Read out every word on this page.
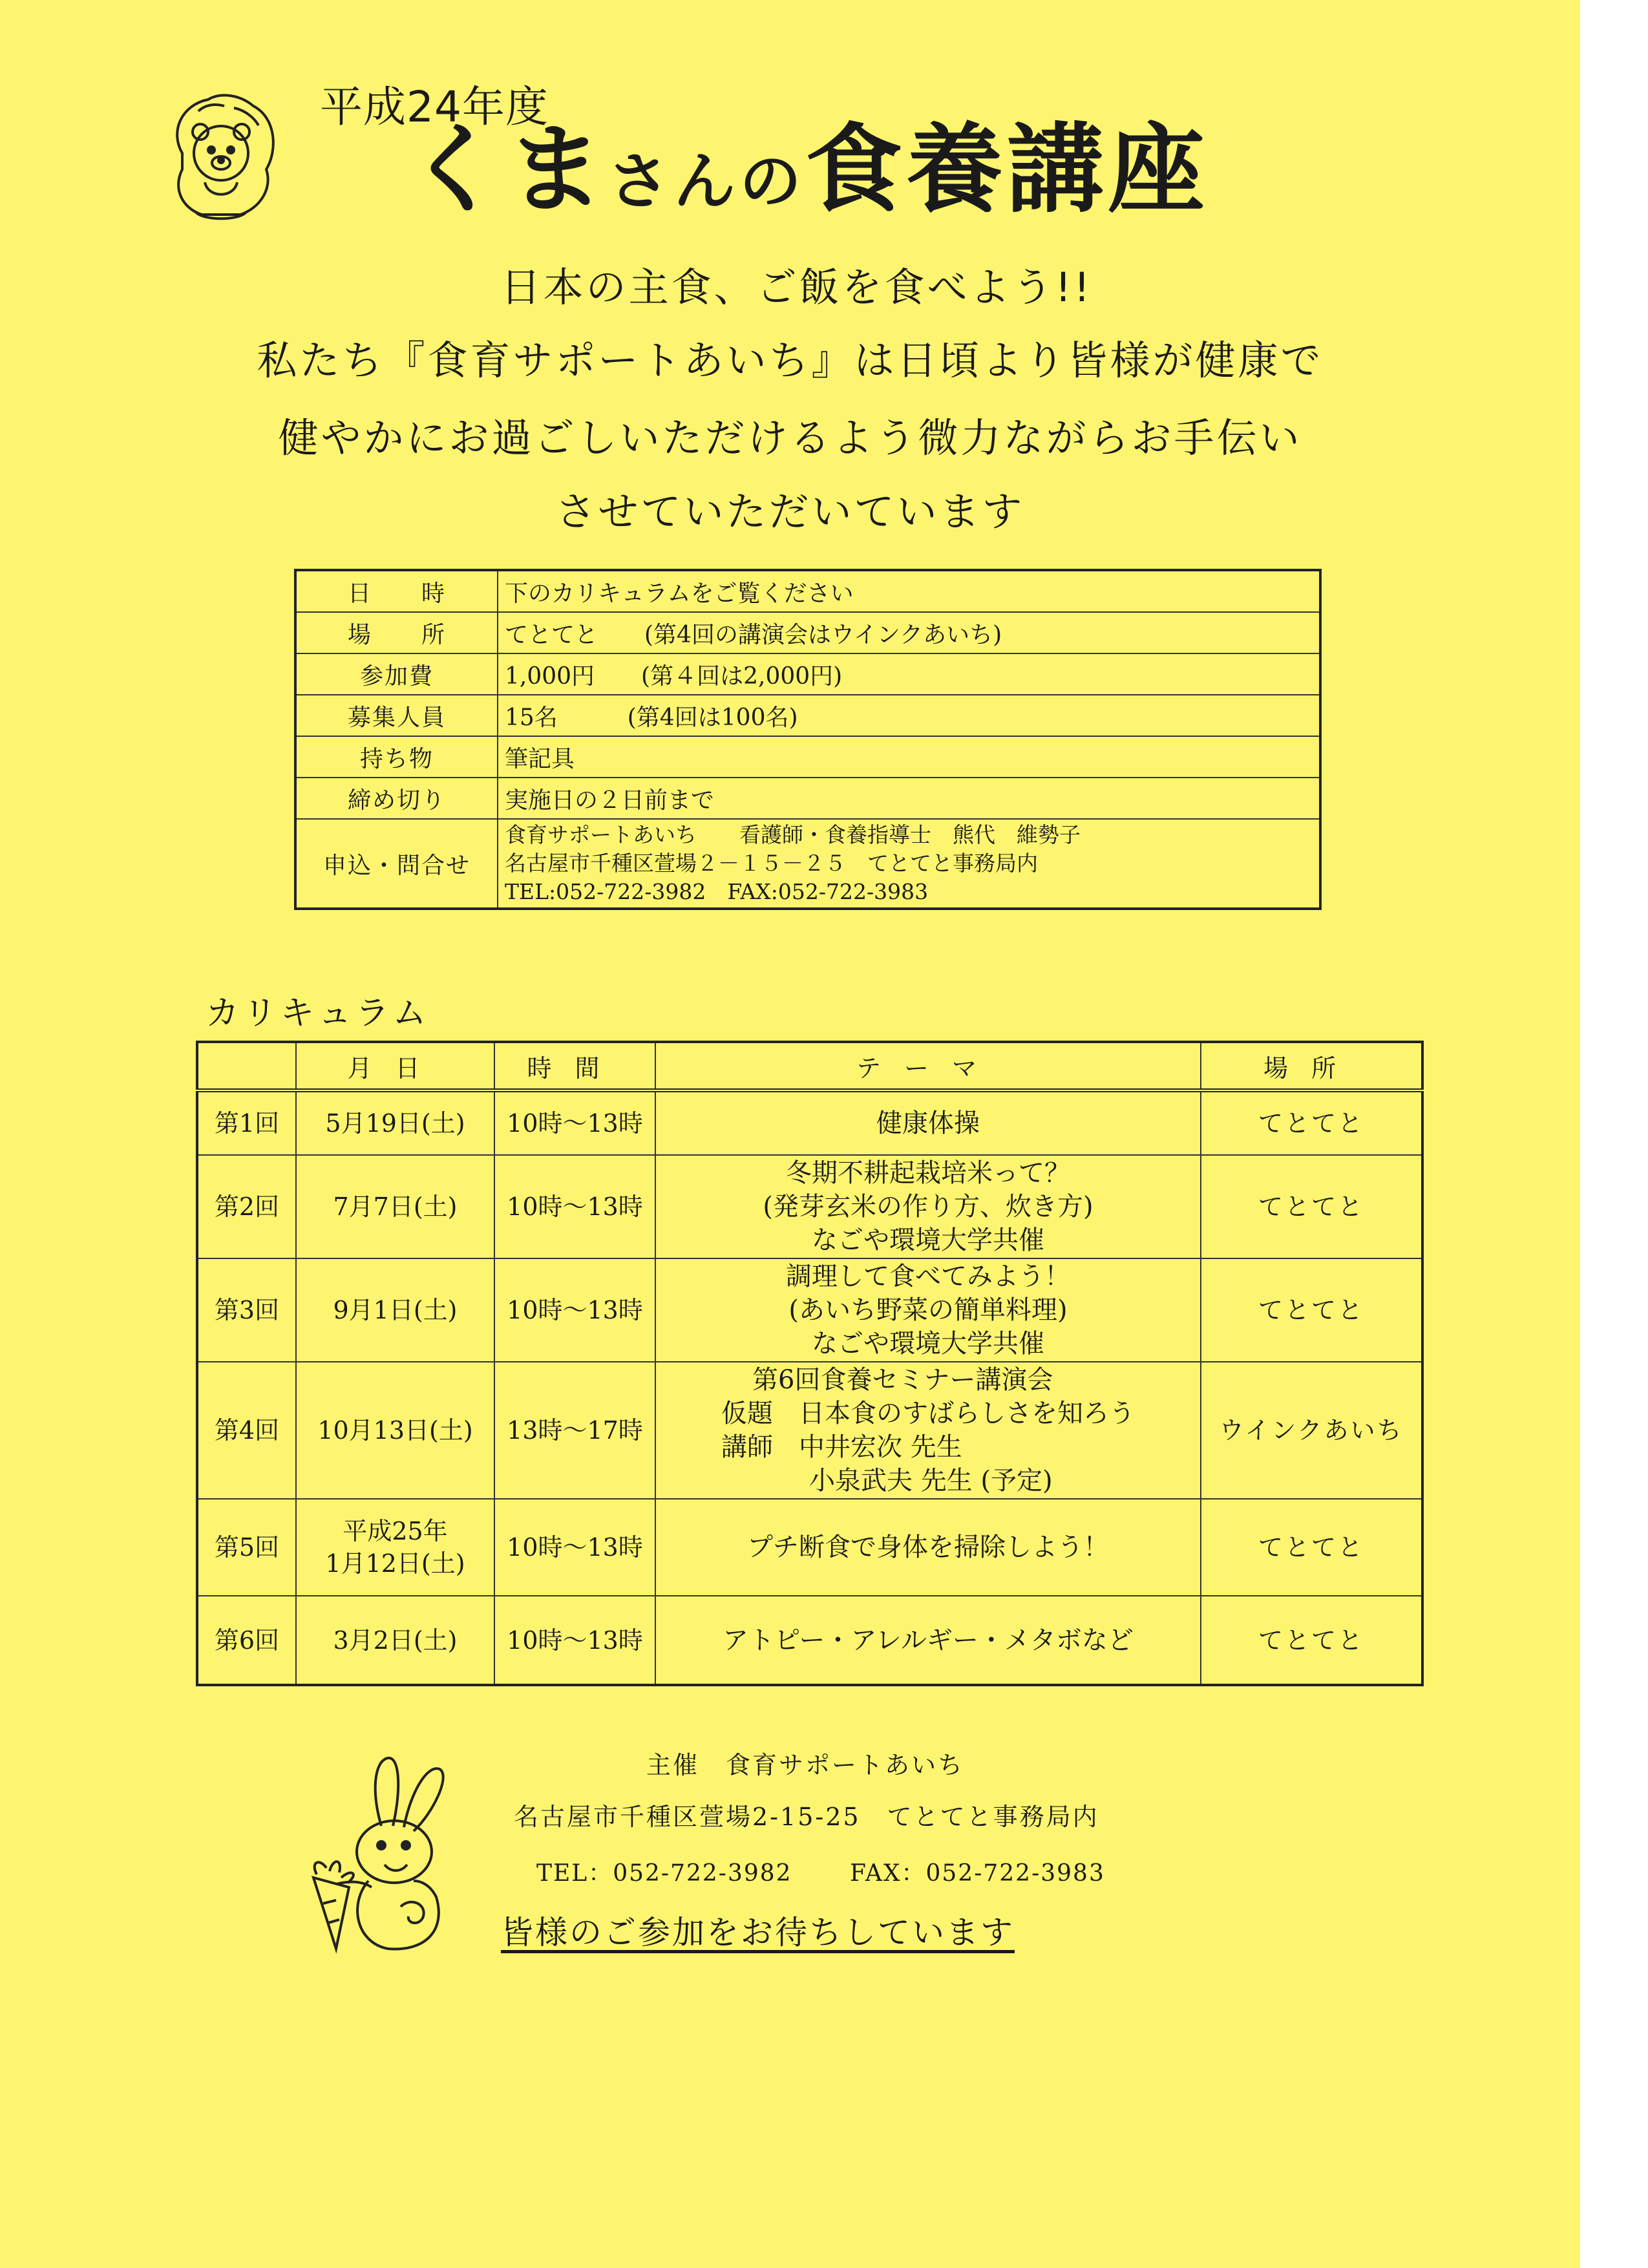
平成24年度
くまさんの食養講座
日本の主食、ご飯を食べよう!!
私たち『食育サポートあいち』は日頃より皆様が健康で
健やかにお過ごしいただけるよう微力ながらお手伝い
させていただいています
日　　時	下のカリキュラムをご覧ください
場　　所	てとてと　　(第4回の講演会はウインクあいち)
参加費	1,000円　　(第４回は2,000円)
募集人員	15名　　　(第4回は100名)
持ち物	筆記具
締め切り	実施日の２日前まで
申込・問合せ	食育サポートあいち　　看護師・食養指導士　熊代　維勢子
名古屋市千種区萱場２－１５－２５　てとてと事務局内
TEL:052-722-3982　FAX:052-722-3983
カリキュラム
	月日	時間	テーマ	場所
第1回	5月19日(土)	10時～13時	健康体操	てとてと
第2回	7月7日(土)	10時～13時	冬期不耕起栽培米って？
(発芽玄米の作り方、炊き方)
なごや環境大学共催	てとてと
第3回	9月1日(土)	10時～13時	調理して食べてみよう！
(あいち野菜の簡単料理)
なごや環境大学共催	てとてと
第4回	10月13日(土)	13時～17時	第6回食養セミナー講演会
仮題　日本食のすばらしさを知ろう
講師　中井宏次 先生
小泉武夫 先生 (予定)	ウインクあいち
第5回	平成25年
1月12日(土)	10時～13時	プチ断食で身体を掃除しよう！	てとてと
第6回	3月2日(土)	10時～13時	アトピー・アレルギー・メタボなど	てとてと
主催　食育サポートあいち
名古屋市千種区萱場2-15-25　てとてと事務局内
TEL：052-722-3982 FAX：052-722-3983
皆様のご参加をお待ちしています
